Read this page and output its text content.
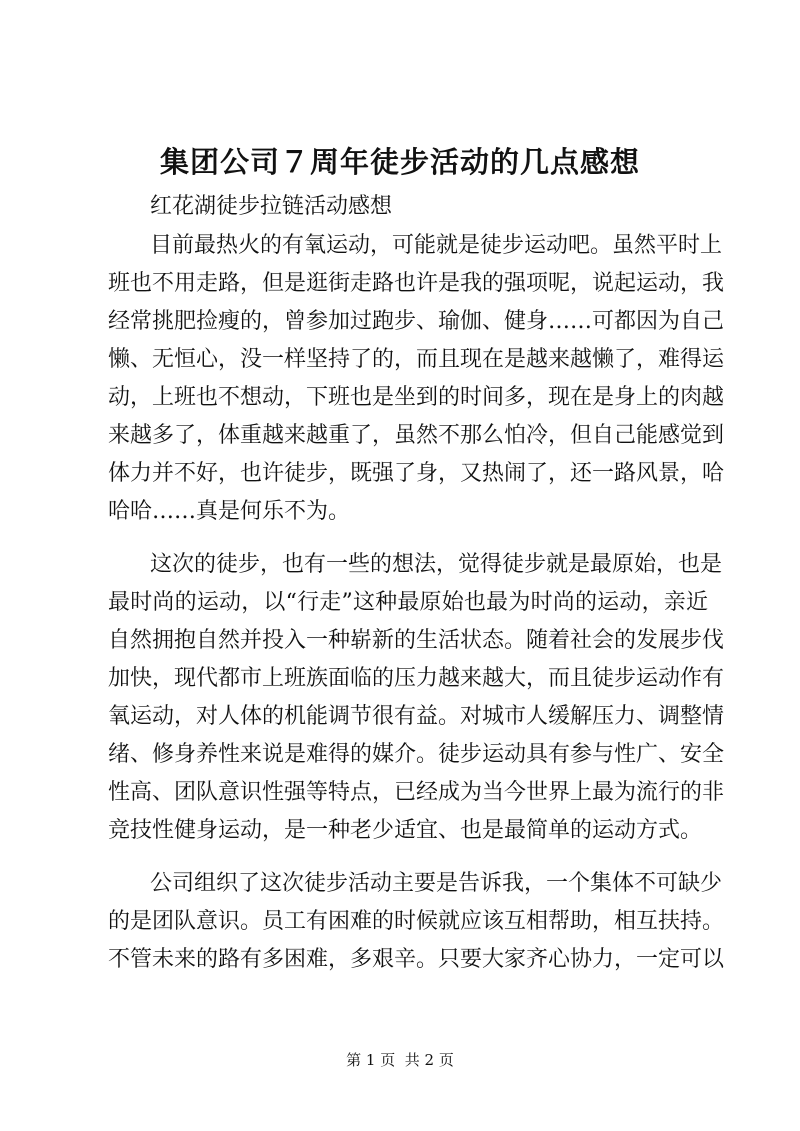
集团公司７周年徒步活动的几点感想
红花湖徒步拉链活动感想
目前最热火的有氧运动，可能就是徒步运动吧。虽然平时上
班也不用走路，但是逛街走路也许是我的强项呢，说起运动，我
经常挑肥捡瘦的，曾参加过跑步、瑜伽、健身……可都因为自己
懒、无恒心，没一样坚持了的，而且现在是越来越懒了，难得运
动，上班也不想动，下班也是坐到的时间多，现在是身上的肉越
来越多了，体重越来越重了，虽然不那么怕冷，但自己能感觉到
体力并不好，也许徒步，既强了身，又热闹了，还一路风景，哈
哈哈……真是何乐不为。
这次的徒步，也有一些的想法，觉得徒步就是最原始，也是
最时尚的运动，以“行走”这种最原始也最为时尚的运动，亲近
自然拥抱自然并投入一种崭新的生活状态。随着社会的发展步伐
加快，现代都市上班族面临的压力越来越大，而且徒步运动作有
氧运动，对人体的机能调节很有益。对城市人缓解压力、调整情
绪、修身养性来说是难得的媒介。徒步运动具有参与性广、安全
性高、团队意识性强等特点，已经成为当今世界上最为流行的非
竞技性健身运动，是一种老少适宜、也是最简单的运动方式。
公司组织了这次徒步活动主要是告诉我，一个集体不可缺少
的是团队意识。员工有困难的时候就应该互相帮助，相互扶持。
不管未来的路有多困难，多艰辛。只要大家齐心协力，一定可以
第 1 页  共 2 页
